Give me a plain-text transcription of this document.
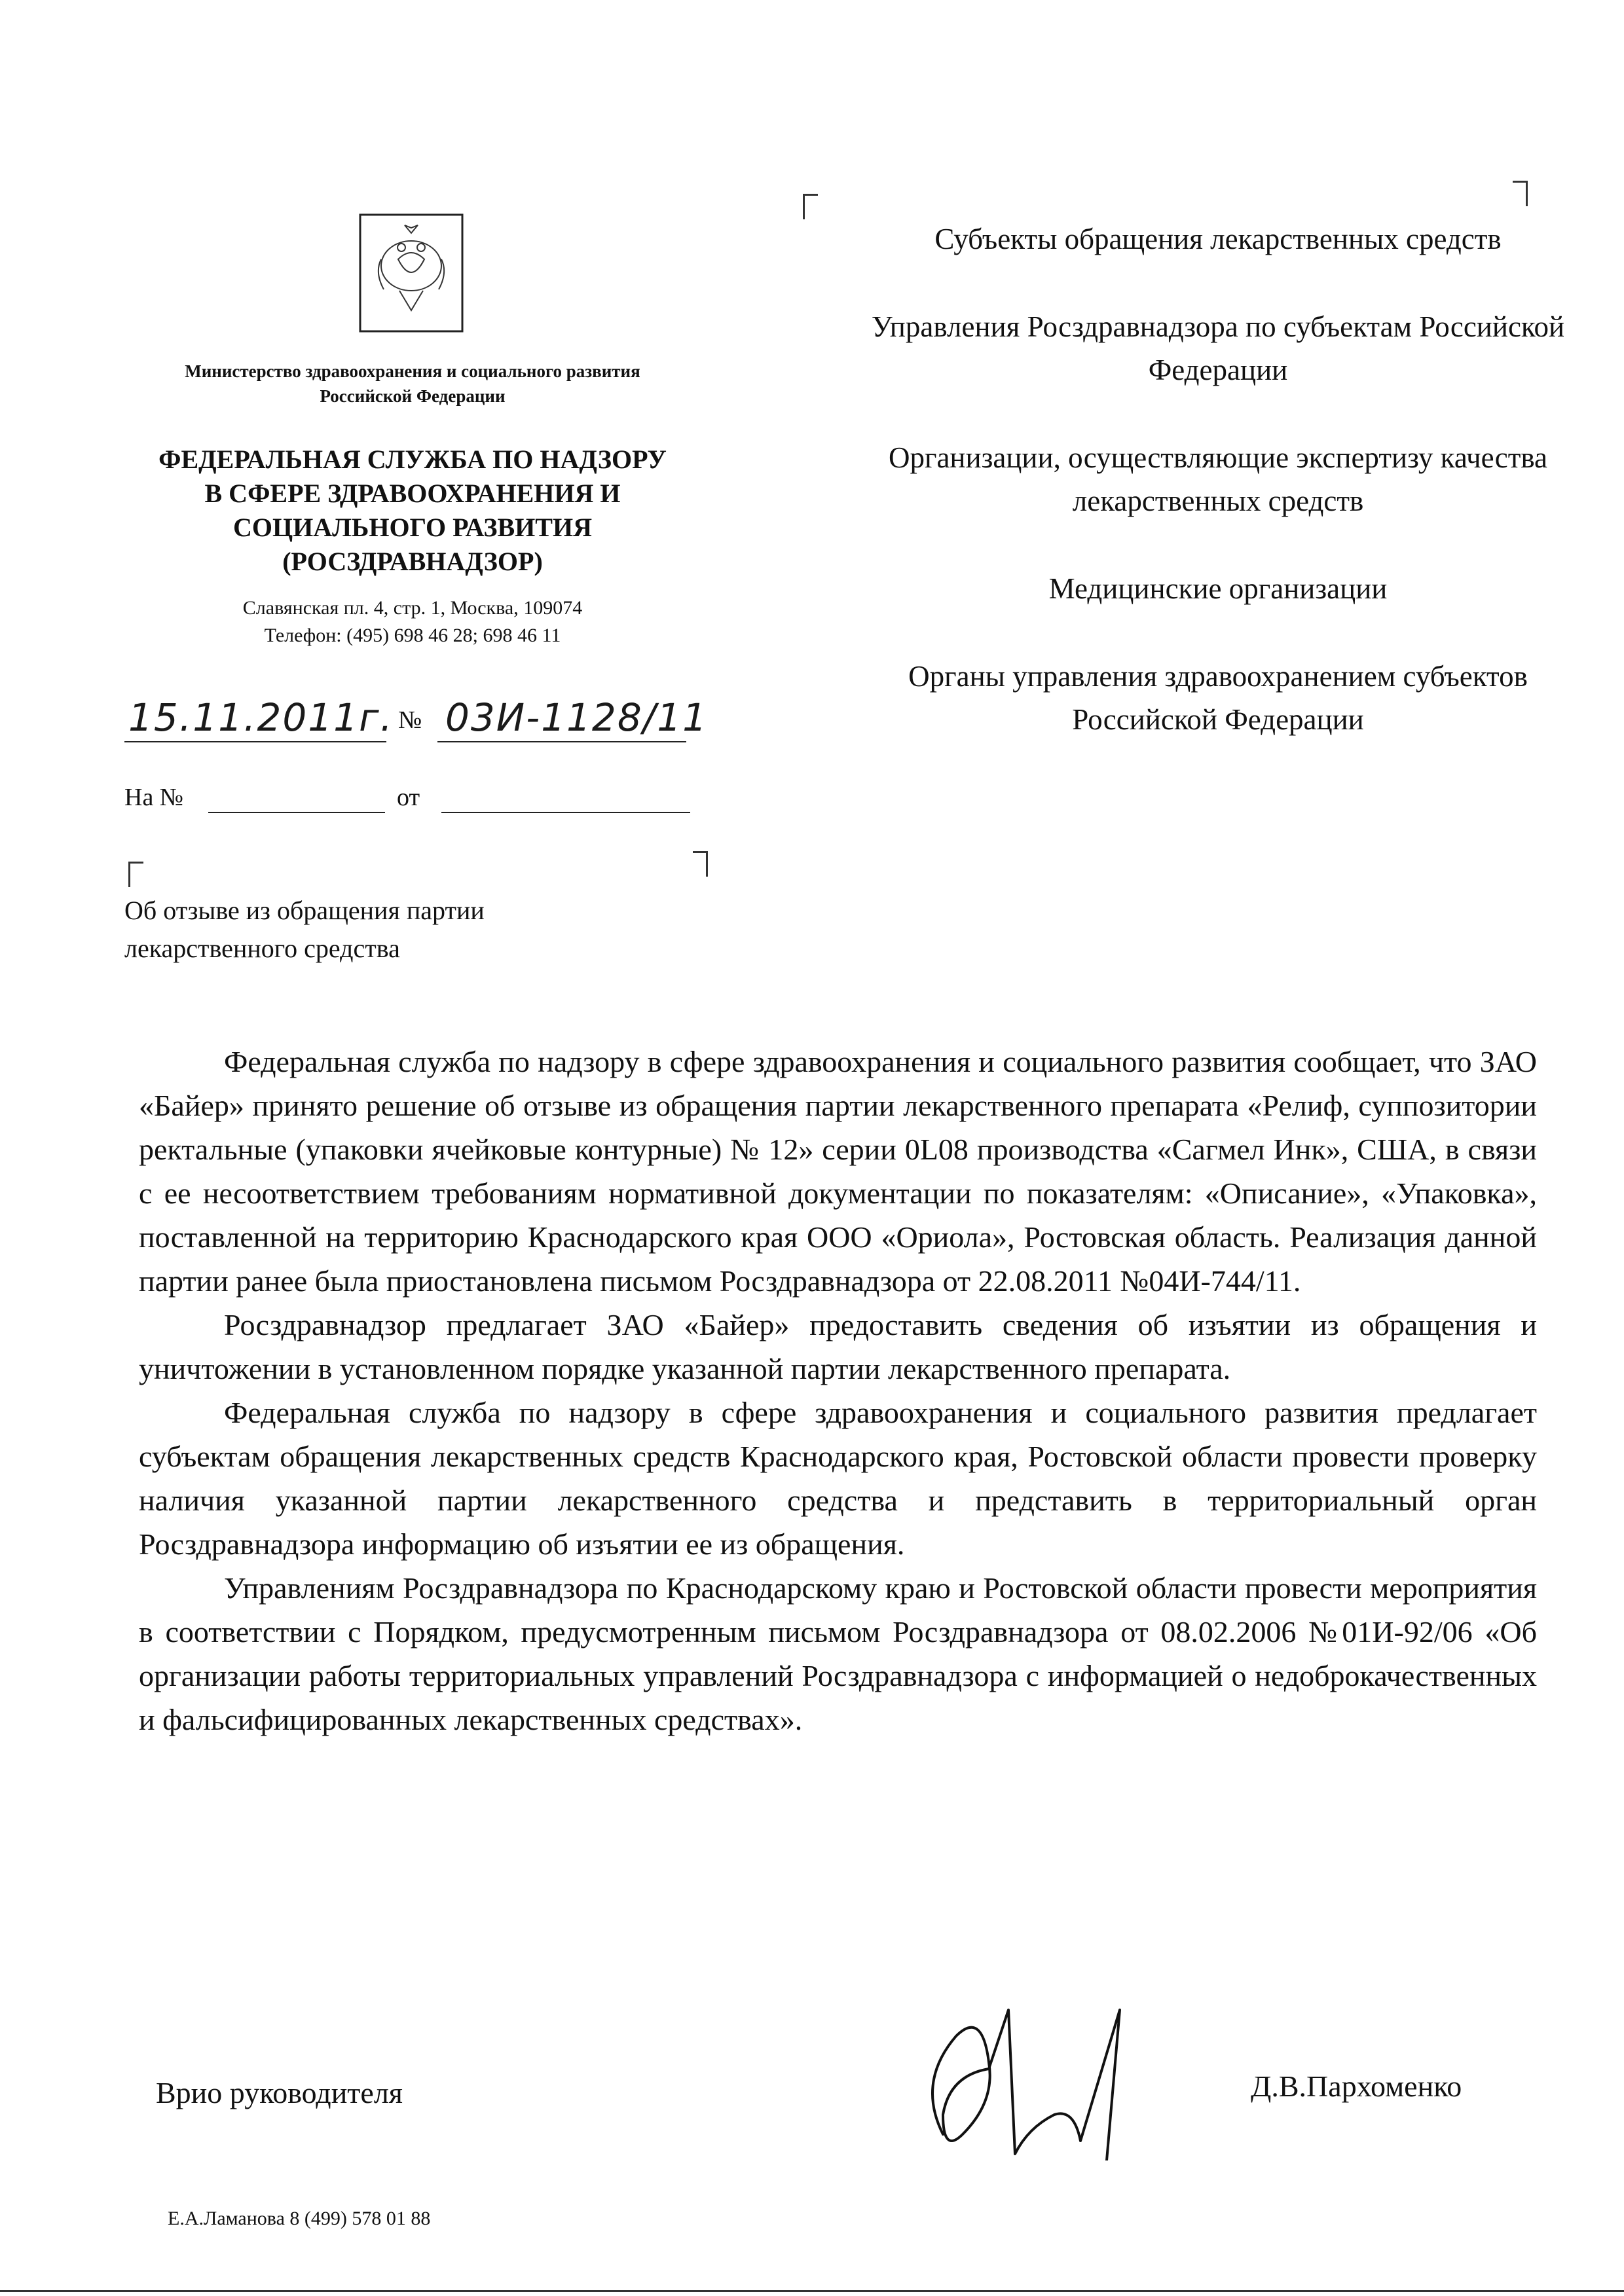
Министерство здравоохранения и социального развития Российской Федерации
ФЕДЕРАЛЬНАЯ СЛУЖБА ПО НАДЗОРУ
В СФЕРЕ ЗДРАВООХРАНЕНИЯ И
СОЦИАЛЬНОГО РАЗВИТИЯ
(РОСЗДРАВНАДЗОР)
Славянская пл. 4, стр. 1, Москва, 109074
Телефон: (495) 698 46 28; 698 46 11
15.11.2011г. № 03И-1128/11
На №	от
Об отзыве из обращения партии
лекарственного средства
Субъекты обращения лекарственных средств
Управления Росздравнадзора по субъектам Российской Федерации
Организации, осуществляющие экспертизу качества лекарственных средств
Медицинские организации
Органы управления здравоохранением субъектов Российской Федерации

Федеральная служба по надзору в сфере здравоохранения и социального развития сообщает, что ЗАО «Байер» принято решение об отзыве из обращения партии лекарственного препарата «Релиф, суппозитории ректальные (упаковки ячейковые контурные) № 12» серии 0L08 производства «Сагмел Инк», США, в связи с ее несоответствием требованиям нормативной документации по показателям: «Описание», «Упаковка», поставленной на территорию Краснодарского края ООО «Ориола», Ростовская область. Реализация данной партии ранее была приостановлена письмом Росздравнадзора от 22.08.2011 №04И-744/11.

Росздравнадзор предлагает ЗАО «Байер» предоставить сведения об изъятии из обращения и уничтожении в установленном порядке указанной партии лекарственного препарата.

Федеральная служба по надзору в сфере здравоохранения и социального развития предлагает субъектам обращения лекарственных средств Краснодарского края, Ростовской области провести проверку наличия указанной партии лекарственного средства и представить в территориальный орган Росздравнадзора информацию об изъятии ее из обращения.

Управлениям Росздравнадзора по Краснодарскому краю и Ростовской области провести мероприятия в соответствии с Порядком, предусмотренным письмом Росздравнадзора от 08.02.2006 №01И-92/06 «Об организации работы территориальных управлений Росздравнадзора с информацией о недоброкачественных и фальсифицированных лекарственных средствах».

Врио руководителя	Д.В.Пархоменко
Е.А.Ламанова 8 (499) 578 01 88
